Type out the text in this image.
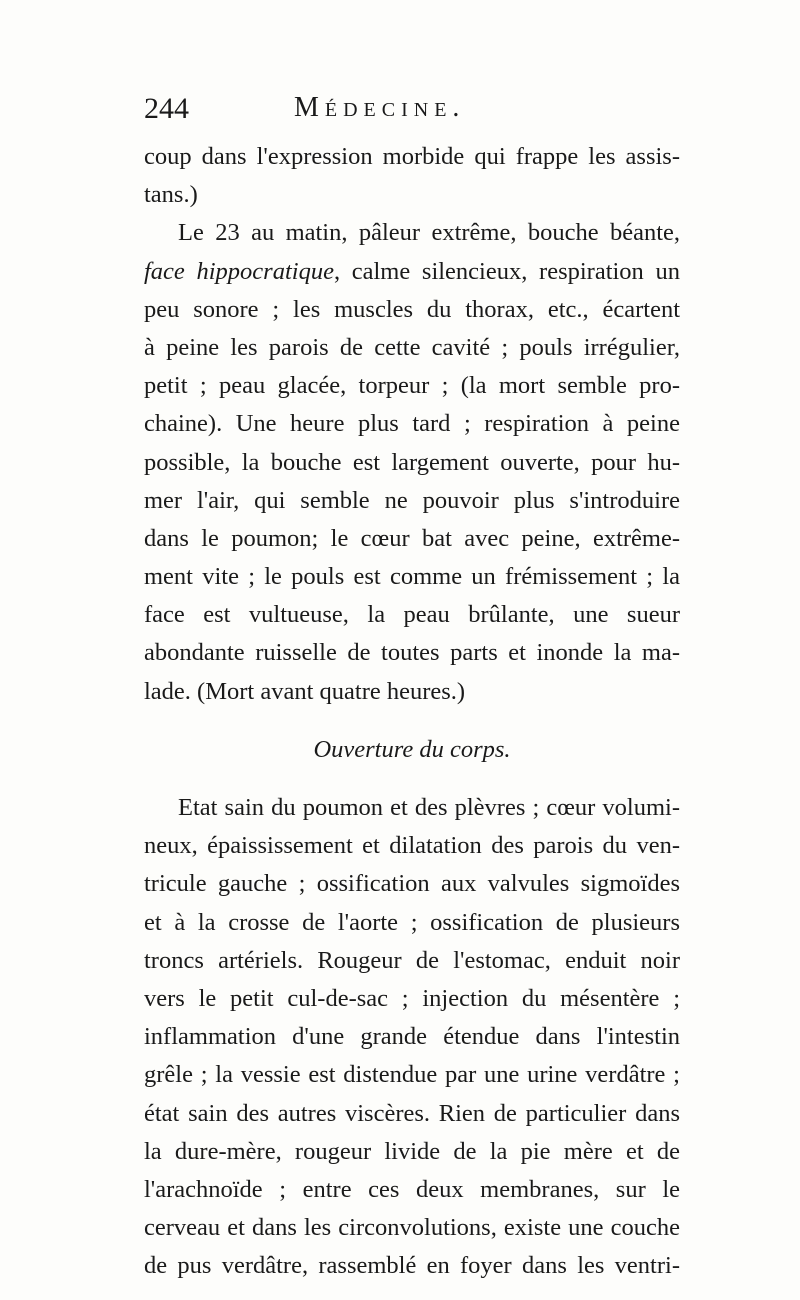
244	Médecine.
coup dans l'expression morbide qui frappe les assis-
tans.)
Le 23 au matin, pâleur extrême, bouche béante,
face hippocratique, calme silencieux, respiration un
peu sonore ; les muscles du thorax, etc., écartent
à peine les parois de cette cavité ; pouls irrégulier,
petit ; peau glacée, torpeur ; (la mort semble pro-
chaine). Une heure plus tard ; respiration à peine
possible, la bouche est largement ouverte, pour hu-
mer l'air, qui semble ne pouvoir plus s'introduire
dans le poumon; le cœur bat avec peine, extrême-
ment vite ; le pouls est comme un frémissement ; la
face est vultueuse, la peau brûlante, une sueur
abondante ruisselle de toutes parts et inonde la ma-
lade. (Mort avant quatre heures.)
Ouverture du corps.
Etat sain du poumon et des plèvres ; cœur volumi-
neux, épaississement et dilatation des parois du ven-
tricule gauche ; ossification aux valvules sigmoïdes
et à la crosse de l'aorte ; ossification de plusieurs
troncs artériels. Rougeur de l'estomac, enduit noir
vers le petit cul-de-sac ; injection du mésentère ;
inflammation d'une grande étendue dans l'intestin
grêle ; la vessie est distendue par une urine verdâtre ;
état sain des autres viscères. Rien de particulier dans
la dure-mère, rougeur livide de la pie mère et de
l'arachnoïde ; entre ces deux membranes, sur le
cerveau et dans les circonvolutions, existe une couche
de pus verdâtre, rassemblé en foyer dans les ventri-
